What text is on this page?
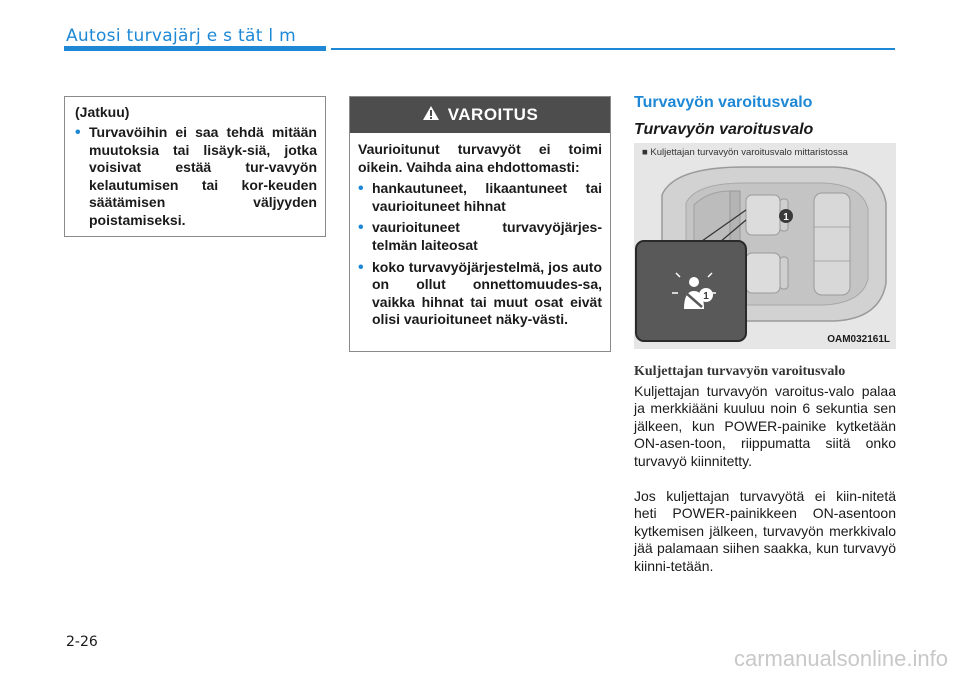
Autosi turvajärj e s tät l m
(Jatkuu)
• Turvavöihin ei saa tehdä mitään muutoksia tai lisäyk-siä, jotka voisivat estää tur-vavyön kelautumisen tai kor-keuden säätämisen väljyyden poistamiseksi.
VAROITUS
Vaurioitunut turvavyöt ei toimi oikein. Vaihda aina ehdottomasti:
• hankautuneet, likaantuneet tai vaurioituneet hihnat
• vaurioituneet turvavyöjärjes-telmän laiteosat
• koko turvavyöjärjestelmä, jos auto on ollut onnettomuudes-sa, vaikka hihnat tai muut osat eivät olisi vaurioituneet näky-västi.
Turvavyön varoitusvalo
Turvavyön varoitusvalo
1
1
■ Kuljettajan turvavyön varoitusvalo mittaristossa
OAM032161L
Kuljettajan turvavyön varoitusvalo
Kuljettajan turvavyön varoitus-valo palaa ja merkkiääni kuuluu noin 6 sekuntia sen jälkeen, kun POWER-painike kytketään ON-asen-toon, riippumatta siitä onko turvavyö kiinnitetty.
Jos kuljettajan turvavyötä ei kiin-nitetä heti POWER-painikkeen ON-asentoon kytkemisen jälkeen, turvavyön merkkivalo jää palamaan siihen saakka, kun turvavyö kiinni-tetään.
2-26
carmanualsonline.info
